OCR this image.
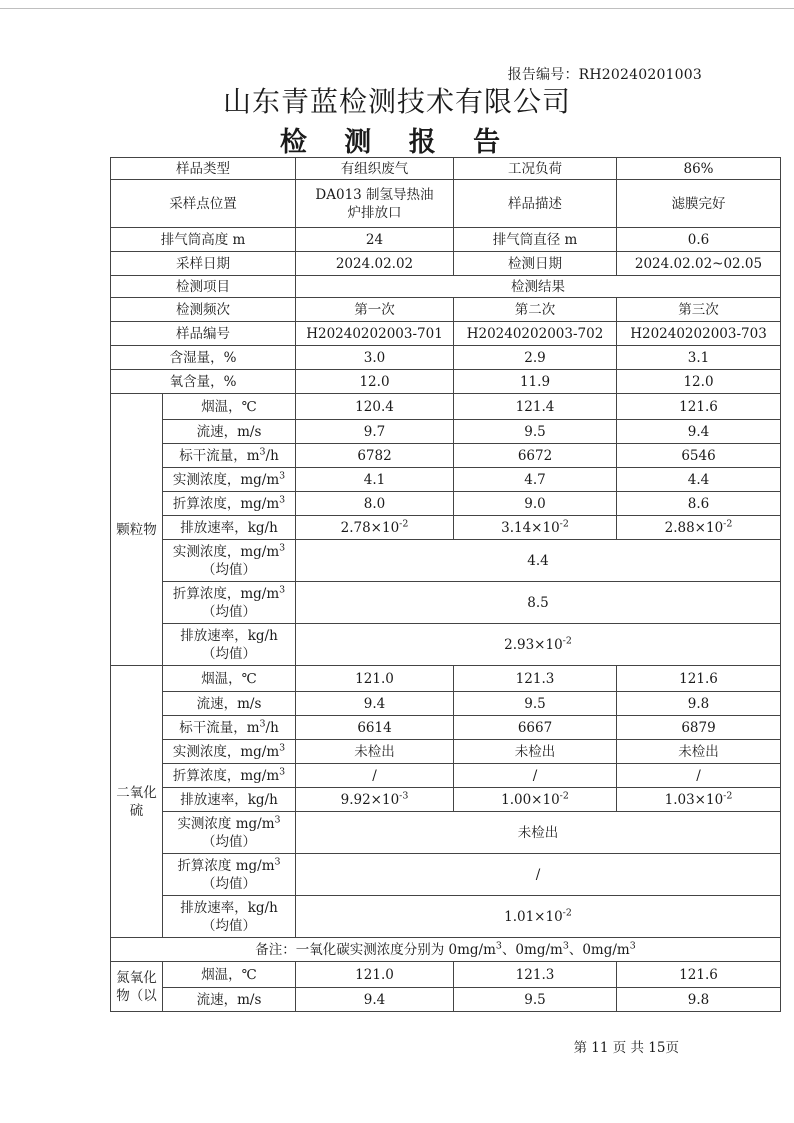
报告编号：RH20240201003
山东青蓝检测技术有限公司
检 测 报 告
样品类型		有组织废气	工况负荷	86%
采样点位置		DA013 制氢导热油
炉排放口	样品描述	滤膜完好
排气筒高度 m		24	排气筒直径 m	0.6
采样日期		2024.02.02	检测日期	2024.02.02~02.05
检测项目		检测结果		
检测频次		第一次	第二次	第三次
样品编号		H20240202003-701	H20240202003-702	H20240202003-703
含湿量，%		3.0	2.9	3.1
氧含量，%		12.0	11.9	12.0
颗粒物	烟温，℃	120.4	121.4	121.6
	流速，m/s	9.7	9.5	9.4
	标干流量，$m^3/h$	6782	6672	6546
	实测浓度，$mg/m^3$	4.1	4.7	4.4
	折算浓度，$mg/m^3$	8.0	9.0	8.6
	排放速率，kg/h	$2.78\times 10^{-2}$	$3.14\times 10^{-2}$	$2.88\times 10^{-2}$
	实测浓度，$mg/m^3$
（均值）	4.4		
	折算浓度，$mg/m^3$
（均值）	8.5		
	排放速率，kg/h
（均值）	$2.93\times 10^{-2}$
二氧化
硫	烟温，℃	121.0	121.3	121.6
	流速，m/s	9.4	9.5	9.8
	标干流量，$m^3/h$	6614	6667	6879
	实测浓度，$mg/m^3$	未检出	未检出	未检出
	折算浓度，$mg/m^3$	/	/	/
	排放速率，kg/h	$9.92\times 10^{-3}$	$1.00\times 10^{-2}$	$1.03\times 10^{-2}$
	实测浓度 $mg/m^3$
（均值）	未检出		
	折算浓度 $mg/m^3$
（均值）	/		
	排放速率，kg/h
（均值）	$1.01\times 10^{-2}$
备注：一氧化碳实测浓度分别为 $0mg/m^3$、$0mg/m^3$、$0mg/m^3$
氮氧化
物（以	烟温，℃	121.0	121.3	121.6
	流速，m/s	9.4	9.5	9.8
第 11 页 共 15页
